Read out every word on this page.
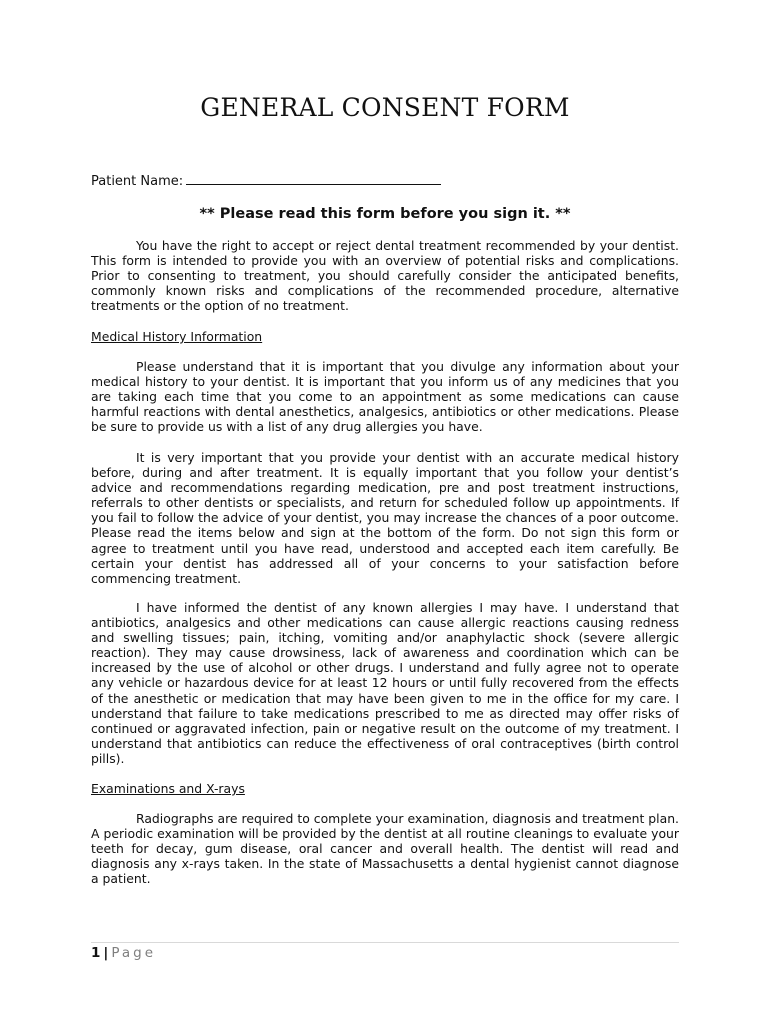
GENERAL CONSENT FORM
Patient Name:

** Please read this form before you sign it. **

You have the right to accept or reject dental treatment recommended by your dentist. This form is intended to provide you with an overview of potential risks and complications. Prior to consenting to treatment, you should carefully consider the anticipated benefits, commonly known risks and complications of the recommended procedure, alternative treatments or the option of no treatment.

Medical History Information

Please understand that it is important that you divulge any information about your medical history to your dentist. It is important that you inform us of any medicines that you are taking each time that you come to an appointment as some medications can cause harmful reactions with dental anesthetics, analgesics, antibiotics or other medications. Please be sure to provide us with a list of any drug allergies you have.

It is very important that you provide your dentist with an accurate medical history before, during and after treatment. It is equally important that you follow your dentist’s advice and recommendations regarding medication, pre and post treatment instructions, referrals to other dentists or specialists, and return for scheduled follow up appointments. If you fail to follow the advice of your dentist, you may increase the chances of a poor outcome. Please read the items below and sign at the bottom of the form. Do not sign this form or agree to treatment until you have read, understood and accepted each item carefully. Be certain your dentist has addressed all of your concerns to your satisfaction before commencing treatment.

I have informed the dentist of any known allergies I may have. I understand that antibiotics, analgesics and other medications can cause allergic reactions causing redness and swelling tissues; pain, itching, vomiting and/or anaphylactic shock (severe allergic reaction). They may cause drowsiness, lack of awareness and coordination which can be increased by the use of alcohol or other drugs. I understand and fully agree not to operate any vehicle or hazardous device for at least 12 hours or until fully recovered from the effects of the anesthetic or medication that may have been given to me in the office for my care. I understand that failure to take medications prescribed to me as directed may offer risks of continued or aggravated infection, pain or negative result on the outcome of my treatment. I understand that antibiotics can reduce the effectiveness of oral contraceptives (birth control pills).

Examinations and X-rays

Radiographs are required to complete your examination, diagnosis and treatment plan. A periodic examination will be provided by the dentist at all routine cleanings to evaluate your teeth for decay, gum disease, oral cancer and overall health. The dentist will read and diagnosis any x-rays taken. In the state of Massachusetts a dental hygienist cannot diagnose a patient.

1 | Page
